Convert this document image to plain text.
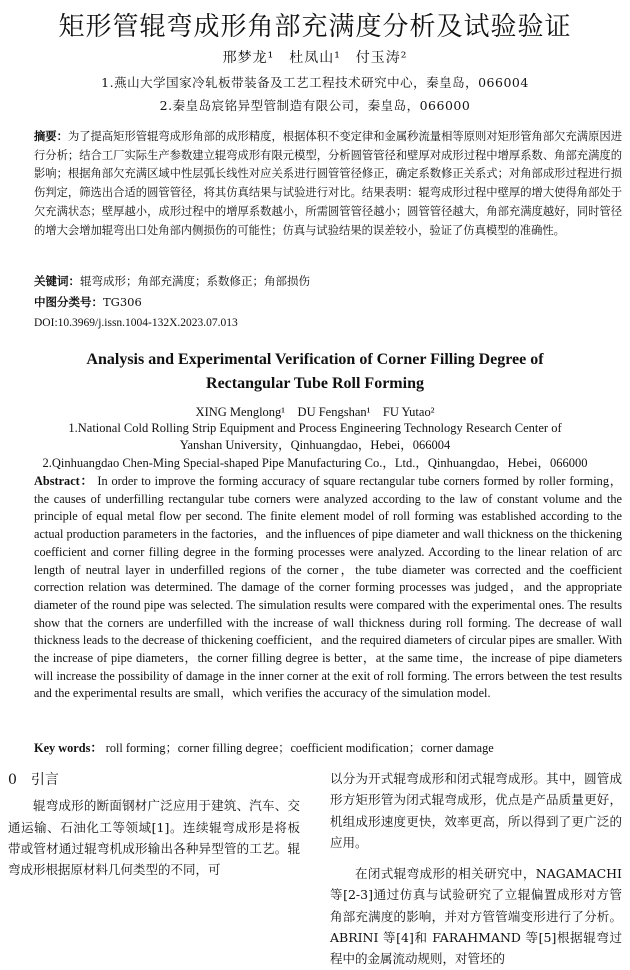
矩形管辊弯成形角部充满度分析及试验验证
邢梦龙¹　杜凤山¹　付玉涛²
1.燕山大学国家冷轧板带装备及工艺工程技术研究中心，秦皇岛，066004
2.秦皇岛宸铭异型管制造有限公司，秦皇岛，066000
摘要：为了提高矩形管辊弯成形角部的成形精度，根据体积不变定律和金属秒流量相等原则对矩形管角部欠充满原因进行分析；结合工厂实际生产参数建立辊弯成形有限元模型，分析圆管管径和壁厚对成形过程中增厚系数、角部充满度的影响；根据角部欠充满区域中性层弧长线性对应关系进行圆管管径修正，确定系数修正关系式；对角部成形过程进行损伤判定，筛选出合适的圆管管径，将其仿真结果与试验进行对比。结果表明：辊弯成形过程中壁厚的增大使得角部处于欠充满状态；壁厚越小，成形过程中的增厚系数越小，所需圆管管径越小；圆管管径越大，角部充满度越好，同时管径的增大会增加辊弯出口处角部内侧损伤的可能性；仿真与试验结果的误差较小，验证了仿真模型的准确性。
关键词：辊弯成形；角部充满度；系数修正；角部损伤
中图分类号：TG306
DOI:10.3969/j.issn.1004-132X.2023.07.013
Analysis and Experimental Verification of Corner Filling Degree of
Rectangular Tube Roll Forming
XING Menglong¹　DU Fengshan¹　FU Yutao²
1.National Cold Rolling Strip Equipment and Process Engineering Technology Research Center of
Yanshan University，Qinhuangdao，Hebei，066004
2.Qinhuangdao Chen-Ming Special-shaped Pipe Manufacturing Co.，Ltd.，Qinhuangdao，Hebei，066000
Abstract： In order to improve the forming accuracy of square rectangular tube corners formed by roller forming，the causes of underfilling rectangular tube corners were analyzed according to the law of constant volume and the principle of equal metal flow per second. The finite element model of roll forming was established according to the actual production parameters in the factories，and the influences of pipe diameter and wall thickness on the thickening coefficient and corner filling degree in the forming processes were analyzed. According to the linear relation of arc length of neutral layer in underfilled regions of the corner，the tube diameter was corrected and the coefficient correction relation was determined. The damage of the corner forming processes was judged，and the appropriate diameter of the round pipe was selected. The simulation results were compared with the experimental ones. The results show that the corners are underfilled with the increase of wall thickness during roll forming. The decrease of wall thickness leads to the decrease of thickening coefficient，and the required diameters of circular pipes are smaller. With the increase of pipe diameters，the corner filling degree is better，at the same time，the increase of pipe diameters will increase the possibility of damage in the inner corner at the exit of roll forming. The errors between the test results and the experimental results are small，which verifies the accuracy of the simulation model.
Key words： roll forming；corner filling degree；coefficient modification；corner damage
0　 引言
辊弯成形的断面钢材广泛应用于建筑、汽车、交通运输、石油化工等领域[1]。连续辊弯成形是将板带或管材通过辊弯机成形输出各种异型管的工艺。辊弯成形根据原材料几何类型的不同，可
以分为开式辊弯成形和闭式辊弯成形。其中，圆管成形方矩形管为闭式辊弯成形，优点是产品质量更好，机组成形速度更快，效率更高，所以得到了更广泛的应用。
在闭式辊弯成形的相关研究中，NAGAMACHI 等[2-3]通过仿真与试验研究了立辊偏置成形对方管角部充满度的影响，并对方管管端变形进行了分析。ABRINI 等[4]和 FARAHMAND 等[5]根据辊弯过程中的金属流动规则，对管坯的
